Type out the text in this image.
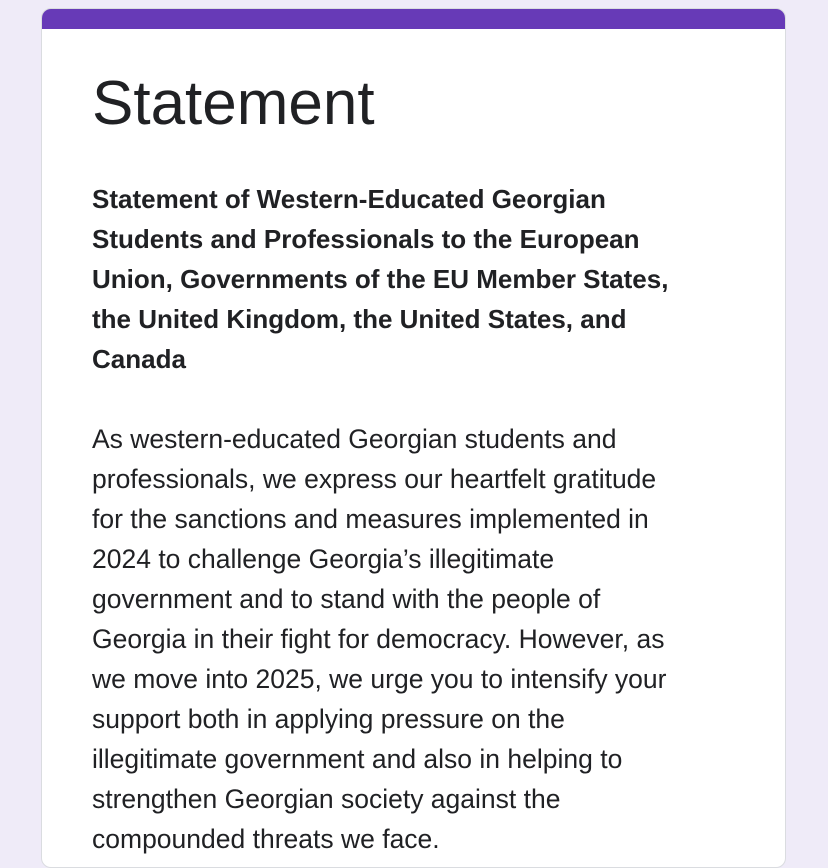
Statement
Statement of Western-Educated Georgian
Students and Professionals to the European
Union, Governments of the EU Member States,
the United Kingdom, the United States, and
Canada
As western-educated Georgian students and
professionals, we express our heartfelt gratitude
for the sanctions and measures implemented in
2024 to challenge Georgia’s illegitimate
government and to stand with the people of
Georgia in their fight for democracy. However, as
we move into 2025, we urge you to intensify your
support both in applying pressure on the
illegitimate government and also in helping to
strengthen Georgian society against the
compounded threats we face.
